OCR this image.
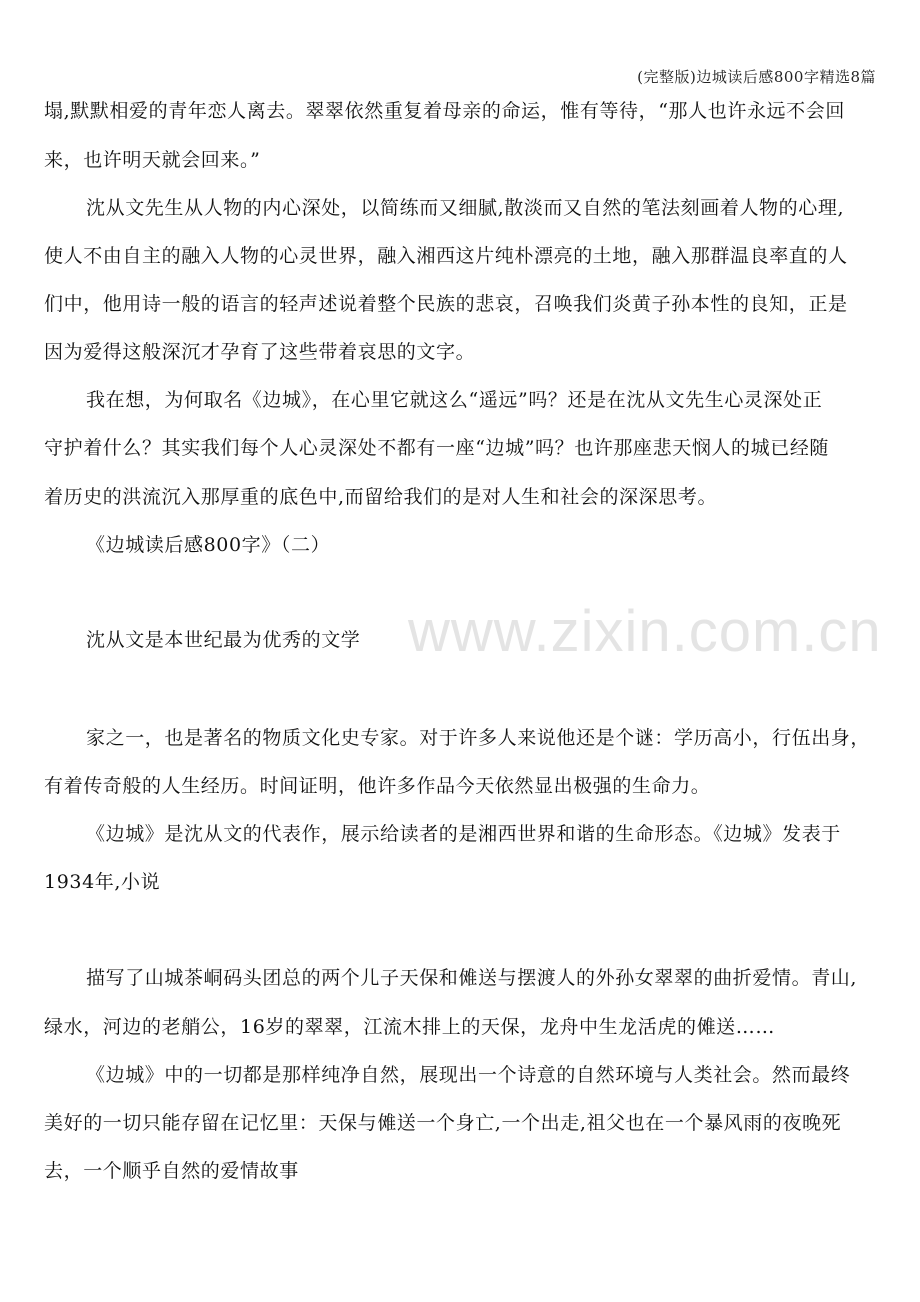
(完整版)边城读后感800字精选8篇
www.zixin.com.cn
塌,默默相爱的青年恋人离去。翠翠依然重复着母亲的命运，惟有等待，“那人也许永远不会回
来，也许明天就会回来。”
沈从文先生从人物的内心深处，以简练而又细腻,散淡而又自然的笔法刻画着人物的心理,
使人不由自主的融入人物的心灵世界，融入湘西这片纯朴漂亮的土地，融入那群温良率直的人
们中，他用诗一般的语言的轻声述说着整个民族的悲哀，召唤我们炎黄子孙本性的良知，正是
因为爱得这般深沉才孕育了这些带着哀思的文字。
我在想，为何取名《边城》，在心里它就这么“遥远”吗？还是在沈从文先生心灵深处正
守护着什么？其实我们每个人心灵深处不都有一座“边城”吗？也许那座悲天悯人的城已经随
着历史的洪流沉入那厚重的底色中,而留给我们的是对人生和社会的深深思考。
《边城读后感800字》（二）
沈从文是本世纪最为优秀的文学
家之一，也是著名的物质文化史专家。对于许多人来说他还是个谜：学历高小，行伍出身，
有着传奇般的人生经历。时间证明，他许多作品今天依然显出极强的生命力。
《边城》是沈从文的代表作，展示给读者的是湘西世界和谐的生命形态。《边城》发表于
1934年,小说
描写了山城茶峒码头团总的两个儿子天保和傩送与摆渡人的外孙女翠翠的曲折爱情。青山,
绿水，河边的老艄公，16岁的翠翠，江流木排上的天保，龙舟中生龙活虎的傩送……
《边城》中的一切都是那样纯净自然，展现出一个诗意的自然环境与人类社会。然而最终
美好的一切只能存留在记忆里：天保与傩送一个身亡,一个出走,祖父也在一个暴风雨的夜晚死
去，一个顺乎自然的爱情故事
